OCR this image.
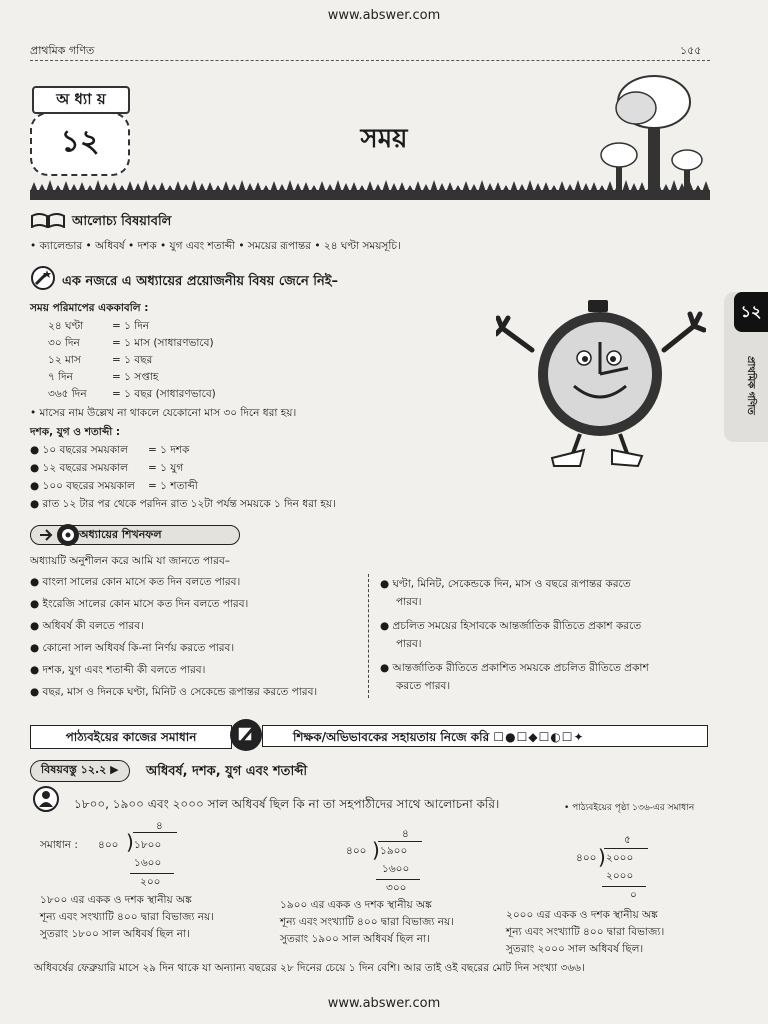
www.abswer.com
প্রাথমিক গণিত	১৫৫
১২
অ ধ্যা য়
সময়
আলোচ্য বিষয়াবলি
• ক্যালেন্ডার • অধিবর্ষ • দশক • যুগ এবং শতাব্দী • সময়ের রূপান্তর • ২৪ ঘণ্টা সময়সূচি।
এক নজরে এ অধ্যায়ের প্রয়োজনীয় বিষয় জেনে নিই–
সময় পরিমাপের এককাবলি :
২৪ ঘণ্টা	= ১ দিন
৩০ দিন	= ১ মাস (সাধারণভাবে)
১২ মাস	= ১ বছর
৭ দিন	= ১ সপ্তাহ
৩৬৫ দিন = ১ বছর (সাধারণভাবে)
• মাসের নাম উল্লেখ না থাকলে যেকোনো মাস ৩০ দিনে ধরা হয়।
দশক, যুগ ও শতাব্দী :
● ১০ বছরের সময়কাল = ১ দশক
● ১২ বছরের সময়কাল = ১ যুগ
● ১০০ বছরের সময়কাল = ১ শতাব্দী
● রাত ১২ টার পর থেকে পরদিন রাত ১২টা পর্যন্ত সময়কে ১ দিন ধরা হয়।
১২
প্রাথমিক গণিত
অধ্যায়ের শিখনফল
অধ্যায়টি অনুশীলন করে আমি যা জানতে পারব–
● বাংলা সালের কোন মাসে কত দিন বলতে পারব।
● ইংরেজি সালের কোন মাসে কত দিন বলতে পারব।
● অধিবর্ষ কী বলতে পারব।
● কোনো সাল অধিবর্ষ কি-না নির্ণয় করতে পারব।
● দশক, যুগ এবং শতাব্দী কী বলতে পারব।
● বছর, মাস ও দিনকে ঘণ্টা, মিনিট ও সেকেন্ডে রূপান্তর করতে পারব।
● ঘণ্টা, মিনিট, সেকেন্ডকে দিন, মাস ও বছরে রূপান্তর করতে
পারব।
● প্রচলিত সময়ের হিসাবকে আন্তর্জাতিক রীতিতে প্রকাশ করতে
পারব।
● আন্তর্জাতিক রীতিতে প্রকাশিত সময়কে প্রচলিত রীতিতে প্রকাশ
করতে পারব।
পাঠ্যবইয়ের কাজের সমাধান	শিক্ষক/অভিভাবকের সহায়তায় নিজে করি ☐●☐◆☐◐☐✦
বিষয়বস্তু ১২.২ ▶	অধিবর্ষ, দশক, যুগ এবং শতাব্দী
১৮০০, ১৯০০ এবং ২০০০ সাল অধিবর্ষ ছিল কি না তা সহপাঠীদের সাথে আলোচনা করি।	• পাঠ্যবইয়ের পৃষ্ঠা ১৩৬-এর সমাধান
সমাধান :
৪
৪০০ ) ১৮০০
১৬০০
২০০
১৮০০ এর একক ও দশক স্থানীয় অঙ্ক
শূন্য এবং সংখ্যাটি ৪০০ দ্বারা বিভাজ্য নয়।
সুতরাং ১৮০০ সাল অধিবর্ষ ছিল না।
৪
৪০০ ) ১৯০০
১৬০০
৩০০
১৯০০ এর একক ও দশক স্থানীয় অঙ্ক
শূন্য এবং সংখ্যাটি ৪০০ দ্বারা বিভাজ্য নয়।
সুতরাং ১৯০০ সাল অধিবর্ষ ছিল না।
৫
৪০০ ) ২০০০
২০০০
০
২০০০ এর একক ও দশক স্থানীয় অঙ্ক
শূন্য এবং সংখ্যাটি ৪০০ দ্বারা বিভাজ্য।
সুতরাং ২০০০ সাল অধিবর্ষ ছিল।
অধিবর্ষের ফেব্রুয়ারি মাসে ২৯ দিন থাকে যা অন্যান্য বছরের ২৮ দিনের চেয়ে ১ দিন বেশি। আর তাই ওই বছরের মোট দিন সংখ্যা ৩৬৬।
www.abswer.com
